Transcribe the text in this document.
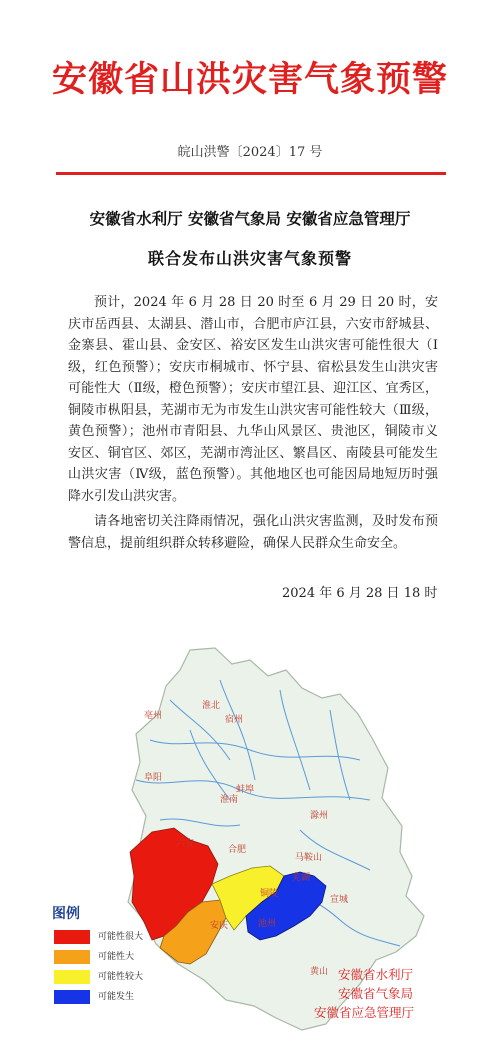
安徽省山洪灾害气象预警
皖山洪警〔2024〕17 号
安徽省水利厅 安徽省气象局 安徽省应急管理厅
联合发布山洪灾害气象预警
预计，2024 年 6 月 28 日 20 时至 6 月 29 日 20 时，安庆市岳西县、太湖县、潜山市，合肥市庐江县，六安市舒城县、金寨县、霍山县、金安区、裕安区发生山洪灾害可能性很大（Ⅰ级，红色预警）；安庆市桐城市、怀宁县、宿松县发生山洪灾害可能性大（Ⅱ级，橙色预警）；安庆市望江县、迎江区、宜秀区，铜陵市枞阳县，芜湖市无为市发生山洪灾害可能性较大（Ⅲ级，黄色预警）；池州市青阳县、九华山风景区、贵池区，铜陵市义安区、铜官区、郊区，芜湖市湾沚区、繁昌区、南陵县可能发生山洪灾害（Ⅳ级，蓝色预警）。其他地区也可能因局地短历时强降水引发山洪灾害。
请各地密切关注降雨情况，强化山洪灾害监测，及时发布预警信息，提前组织群众转移避险，确保人民群众生命安全。
2024 年 6 月 28 日 18 时
宿州
淮北
亳州
阜阳
蚌埠
淮南
滁州
合肥
六安
马鞍山
芜湖
宣城
铜陵
池州
安庆
黄山
图例
可能性很大
可能性大
可能性较大
可能发生
安徽省水利厅
安徽省气象局
安徽省应急管理厅
